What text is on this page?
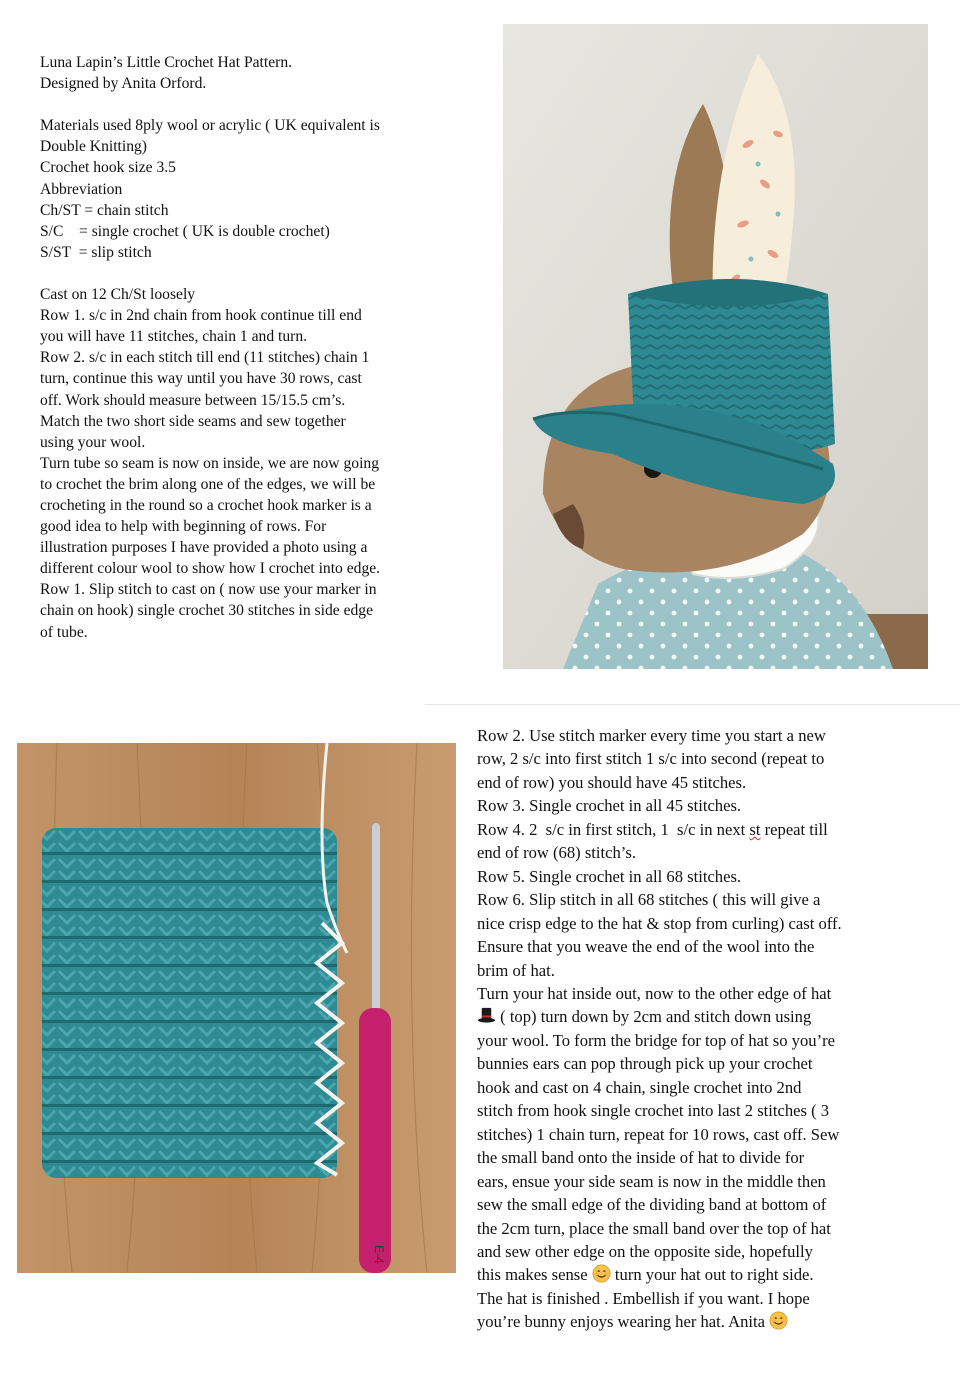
Luna Lapin’s Little Crochet Hat Pattern.
Designed by Anita Orford.
Materials used 8ply wool or acrylic ( UK equivalent is
Double Knitting)
Crochet hook size 3.5
Abbreviation
Ch/ST = chain stitch
S/C    = single crochet ( UK is double crochet)
S/ST  = slip stitch
Cast on 12 Ch/St loosely
Row 1. s/c in 2nd chain from hook continue till end
you will have 11 stitches, chain 1 and turn.
Row 2. s/c in each stitch till end (11 stitches) chain 1
turn, continue this way until you have 30 rows, cast
off. Work should measure between 15/15.5 cm’s.
Match the two short side seams and sew together
using your wool.
Turn tube so seam is now on inside, we are now going
to crochet the brim along one of the edges, we will be
crocheting in the round so a crochet hook marker is a
good idea to help with beginning of rows. For
illustration purposes I have provided a photo using a
different colour wool to show how I crochet into edge.
Row 1. Slip stitch to cast on ( now use your marker in
chain on hook) single crochet 30 stitches in side edge
of tube.
E-4
Row 2. Use stitch marker every time you start a new
row, 2 s/c into first stitch 1 s/c into second (repeat to
end of row) you should have 45 stitches.
Row 3. Single crochet in all 45 stitches.
Row 4. 2  s/c in first stitch, 1  s/c in next st repeat till
end of row (68) stitch’s.
Row 5. Single crochet in all 68 stitches.
Row 6. Slip stitch in all 68 stitches ( this will give a
nice crisp edge to the hat & stop from curling) cast off.
Ensure that you weave the end of the wool into the
brim of hat.
Turn your hat inside out, now to the other edge of hat
( top) turn down by 2cm and stitch down using
your wool. To form the bridge for top of hat so you’re
bunnies ears can pop through pick up your crochet
hook and cast on 4 chain, single crochet into 2nd
stitch from hook single crochet into last 2 stitches ( 3
stitches) 1 chain turn, repeat for 10 rows, cast off. Sew
the small band onto the inside of hat to divide for
ears, ensue your side seam is now in the middle then
sew the small edge of the dividing band at bottom of
the 2cm turn, place the small band over the top of hat
and sew other edge on the opposite side, hopefully
this makes sense  turn your hat out to right side.
The hat is finished . Embellish if you want. I hope
you’re bunny enjoys wearing her hat. Anita
